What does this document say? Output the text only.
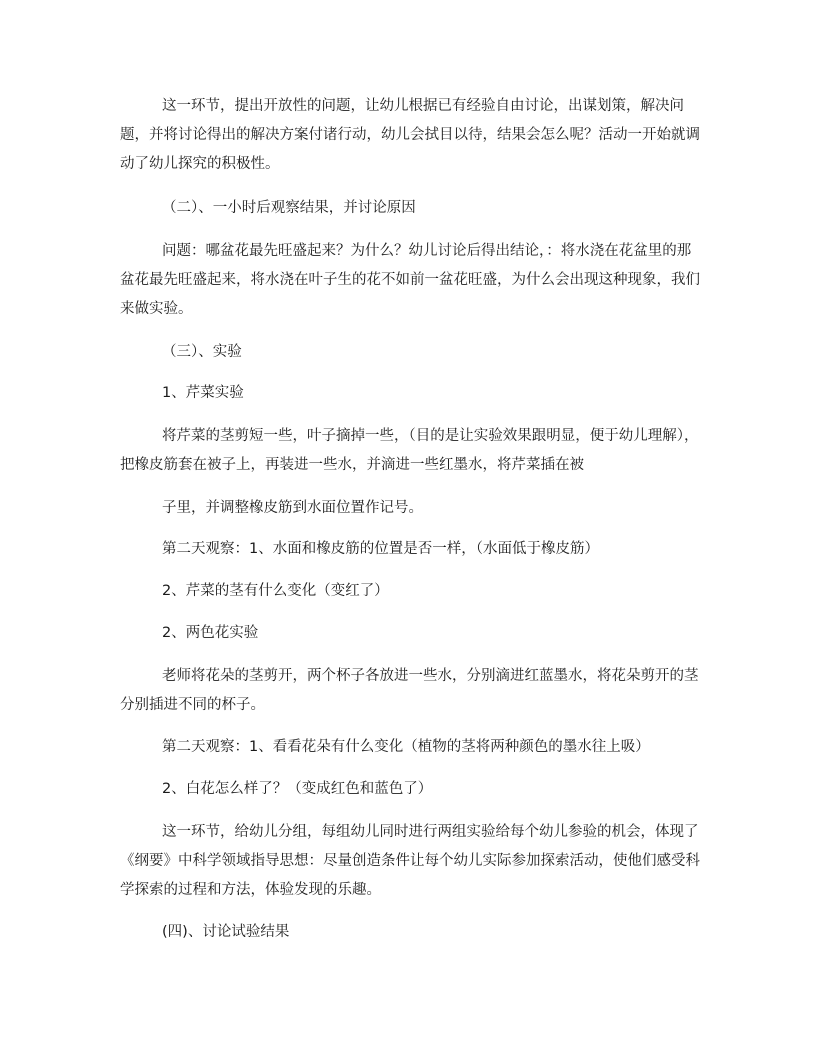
这一环节，提出开放性的问题，让幼儿根据已有经验自由讨论，出谋划策，解决问题，并将讨论得出的解决方案付诸行动，幼儿会拭目以待，结果会怎么呢？活动一开始就调动了幼儿探究的积极性。

（二）、一小时后观察结果，并讨论原因

问题：哪盆花最先旺盛起来？为什么？幼儿讨论后得出结论，：将水浇在花盆里的那盆花最先旺盛起来，将水浇在叶子生的花不如前一盆花旺盛，为什么会出现这种现象，我们来做实验。

（三）、实验

1、芹菜实验

将芹菜的茎剪短一些，叶子摘掉一些，（目的是让实验效果跟明显，便于幼儿理解），把橡皮筋套在被子上，再装进一些水，并滴进一些红墨水，将芹菜插在被

子里，并调整橡皮筋到水面位置作记号。

第二天观察：1、水面和橡皮筋的位置是否一样，（水面低于橡皮筋）

2、芹菜的茎有什么变化（变红了）

2、两色花实验

老师将花朵的茎剪开，两个杯子各放进一些水，分别滴进红蓝墨水，将花朵剪开的茎分别插进不同的杯子。

第二天观察：1、看看花朵有什么变化（植物的茎将两种颜色的墨水往上吸）

2、白花怎么样了？（变成红色和蓝色了）

这一环节，给幼儿分组，每组幼儿同时进行两组实验给每个幼儿参验的机会，体现了《纲要》中科学领域指导思想：尽量创造条件让每个幼儿实际参加探索活动，使他们感受科学探索的过程和方法，体验发现的乐趣。

(四)、讨论试验结果
